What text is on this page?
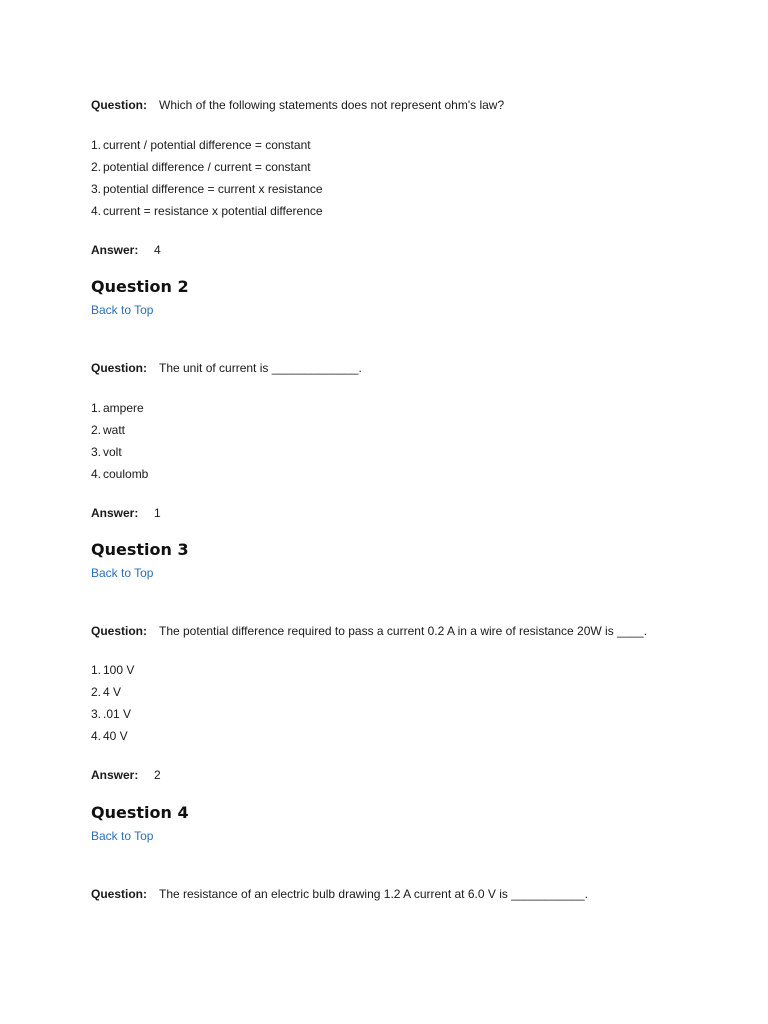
Question: Which of the following statements does not represent ohm's law?
1. current / potential difference = constant
2. potential difference / current = constant
3. potential difference = current x resistance
4. current = resistance x potential difference
Answer: 4
Question 2
Back to Top
Question: The unit of current is _____________.
1. ampere
2. watt
3. volt
4. coulomb
Answer: 1
Question 3
Back to Top
Question: The potential difference required to pass a current 0.2 A in a wire of resistance 20W is ____.
1. 100 V
2. 4 V
3. .01 V
4. 40 V
Answer: 2
Question 4
Back to Top
Question: The resistance of an electric bulb drawing 1.2 A current at 6.0 V is ___________.
